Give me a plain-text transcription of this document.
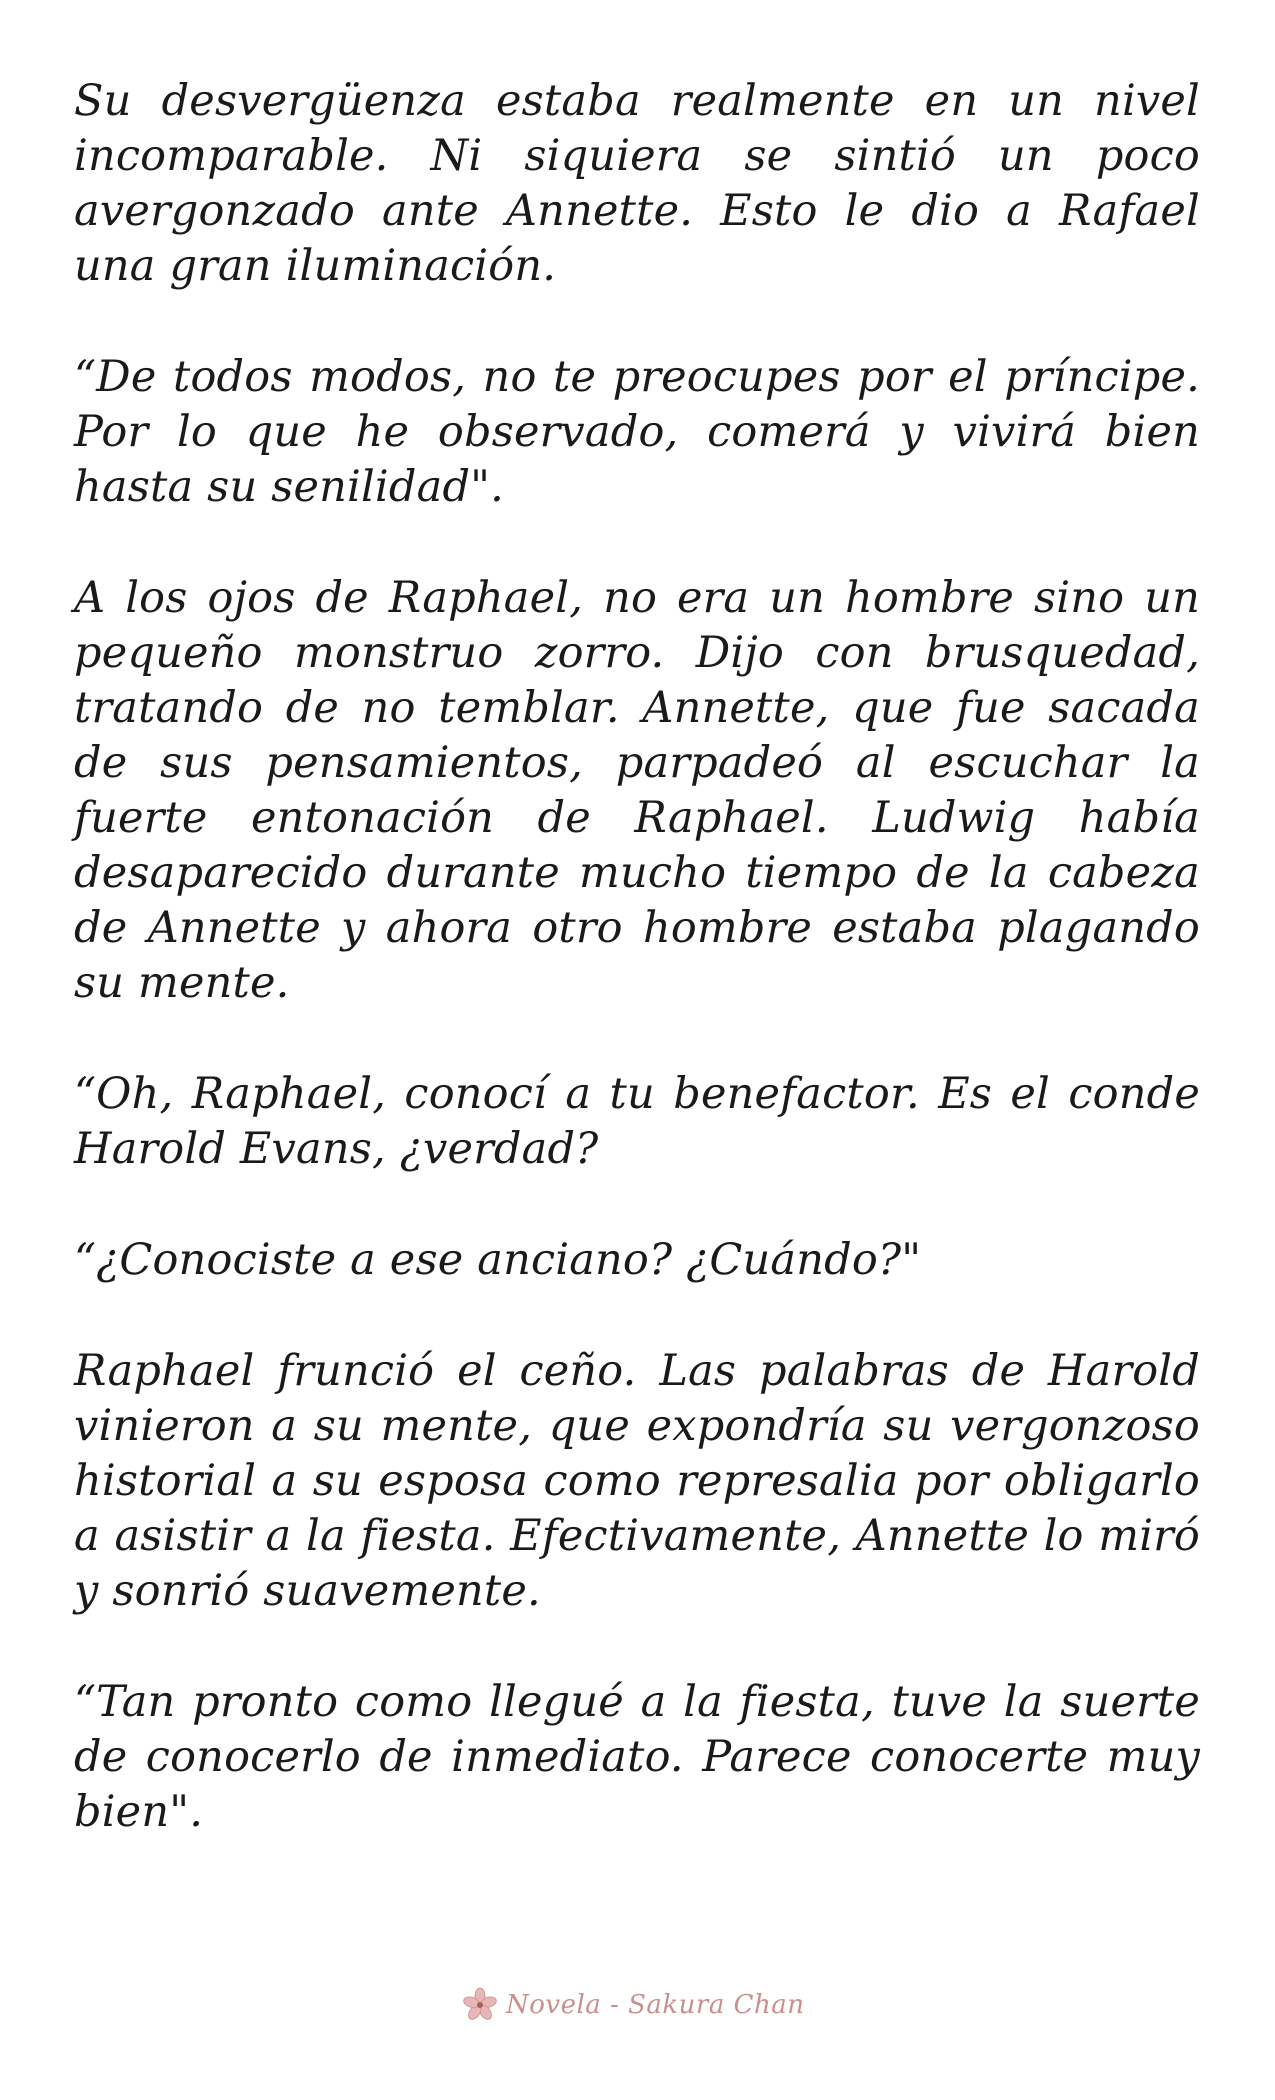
Su desvergüenza estaba realmente en un nivel incomparable. Ni siquiera se sintió un poco avergonzado ante Annette. Esto le dio a Rafael una gran iluminación.

“De todos modos, no te preocupes por el príncipe. Por lo que he observado, comerá y vivirá bien hasta su senilidad".

A los ojos de Raphael, no era un hombre sino un pequeño monstruo zorro. Dijo con brusquedad, tratando de no temblar. Annette, que fue sacada de sus pensamientos, parpadeó al escuchar la fuerte entonación de Raphael. Ludwig había desaparecido durante mucho tiempo de la cabeza de Annette y ahora otro hombre estaba plagando su mente.

“Oh, Raphael, conocí a tu benefactor. Es el conde Harold Evans, ¿verdad?

“¿Conociste a ese anciano? ¿Cuándo?"

Raphael frunció el ceño. Las palabras de Harold vinieron a su mente, que expondría su vergonzoso historial a su esposa como represalia por obligarlo a asistir a la fiesta. Efectivamente, Annette lo miró y sonrió suavemente.

“Tan pronto como llegué a la fiesta, tuve la suerte de conocerlo de inmediato. Parece conocerte muy bien".

Novela - Sakura Chan
